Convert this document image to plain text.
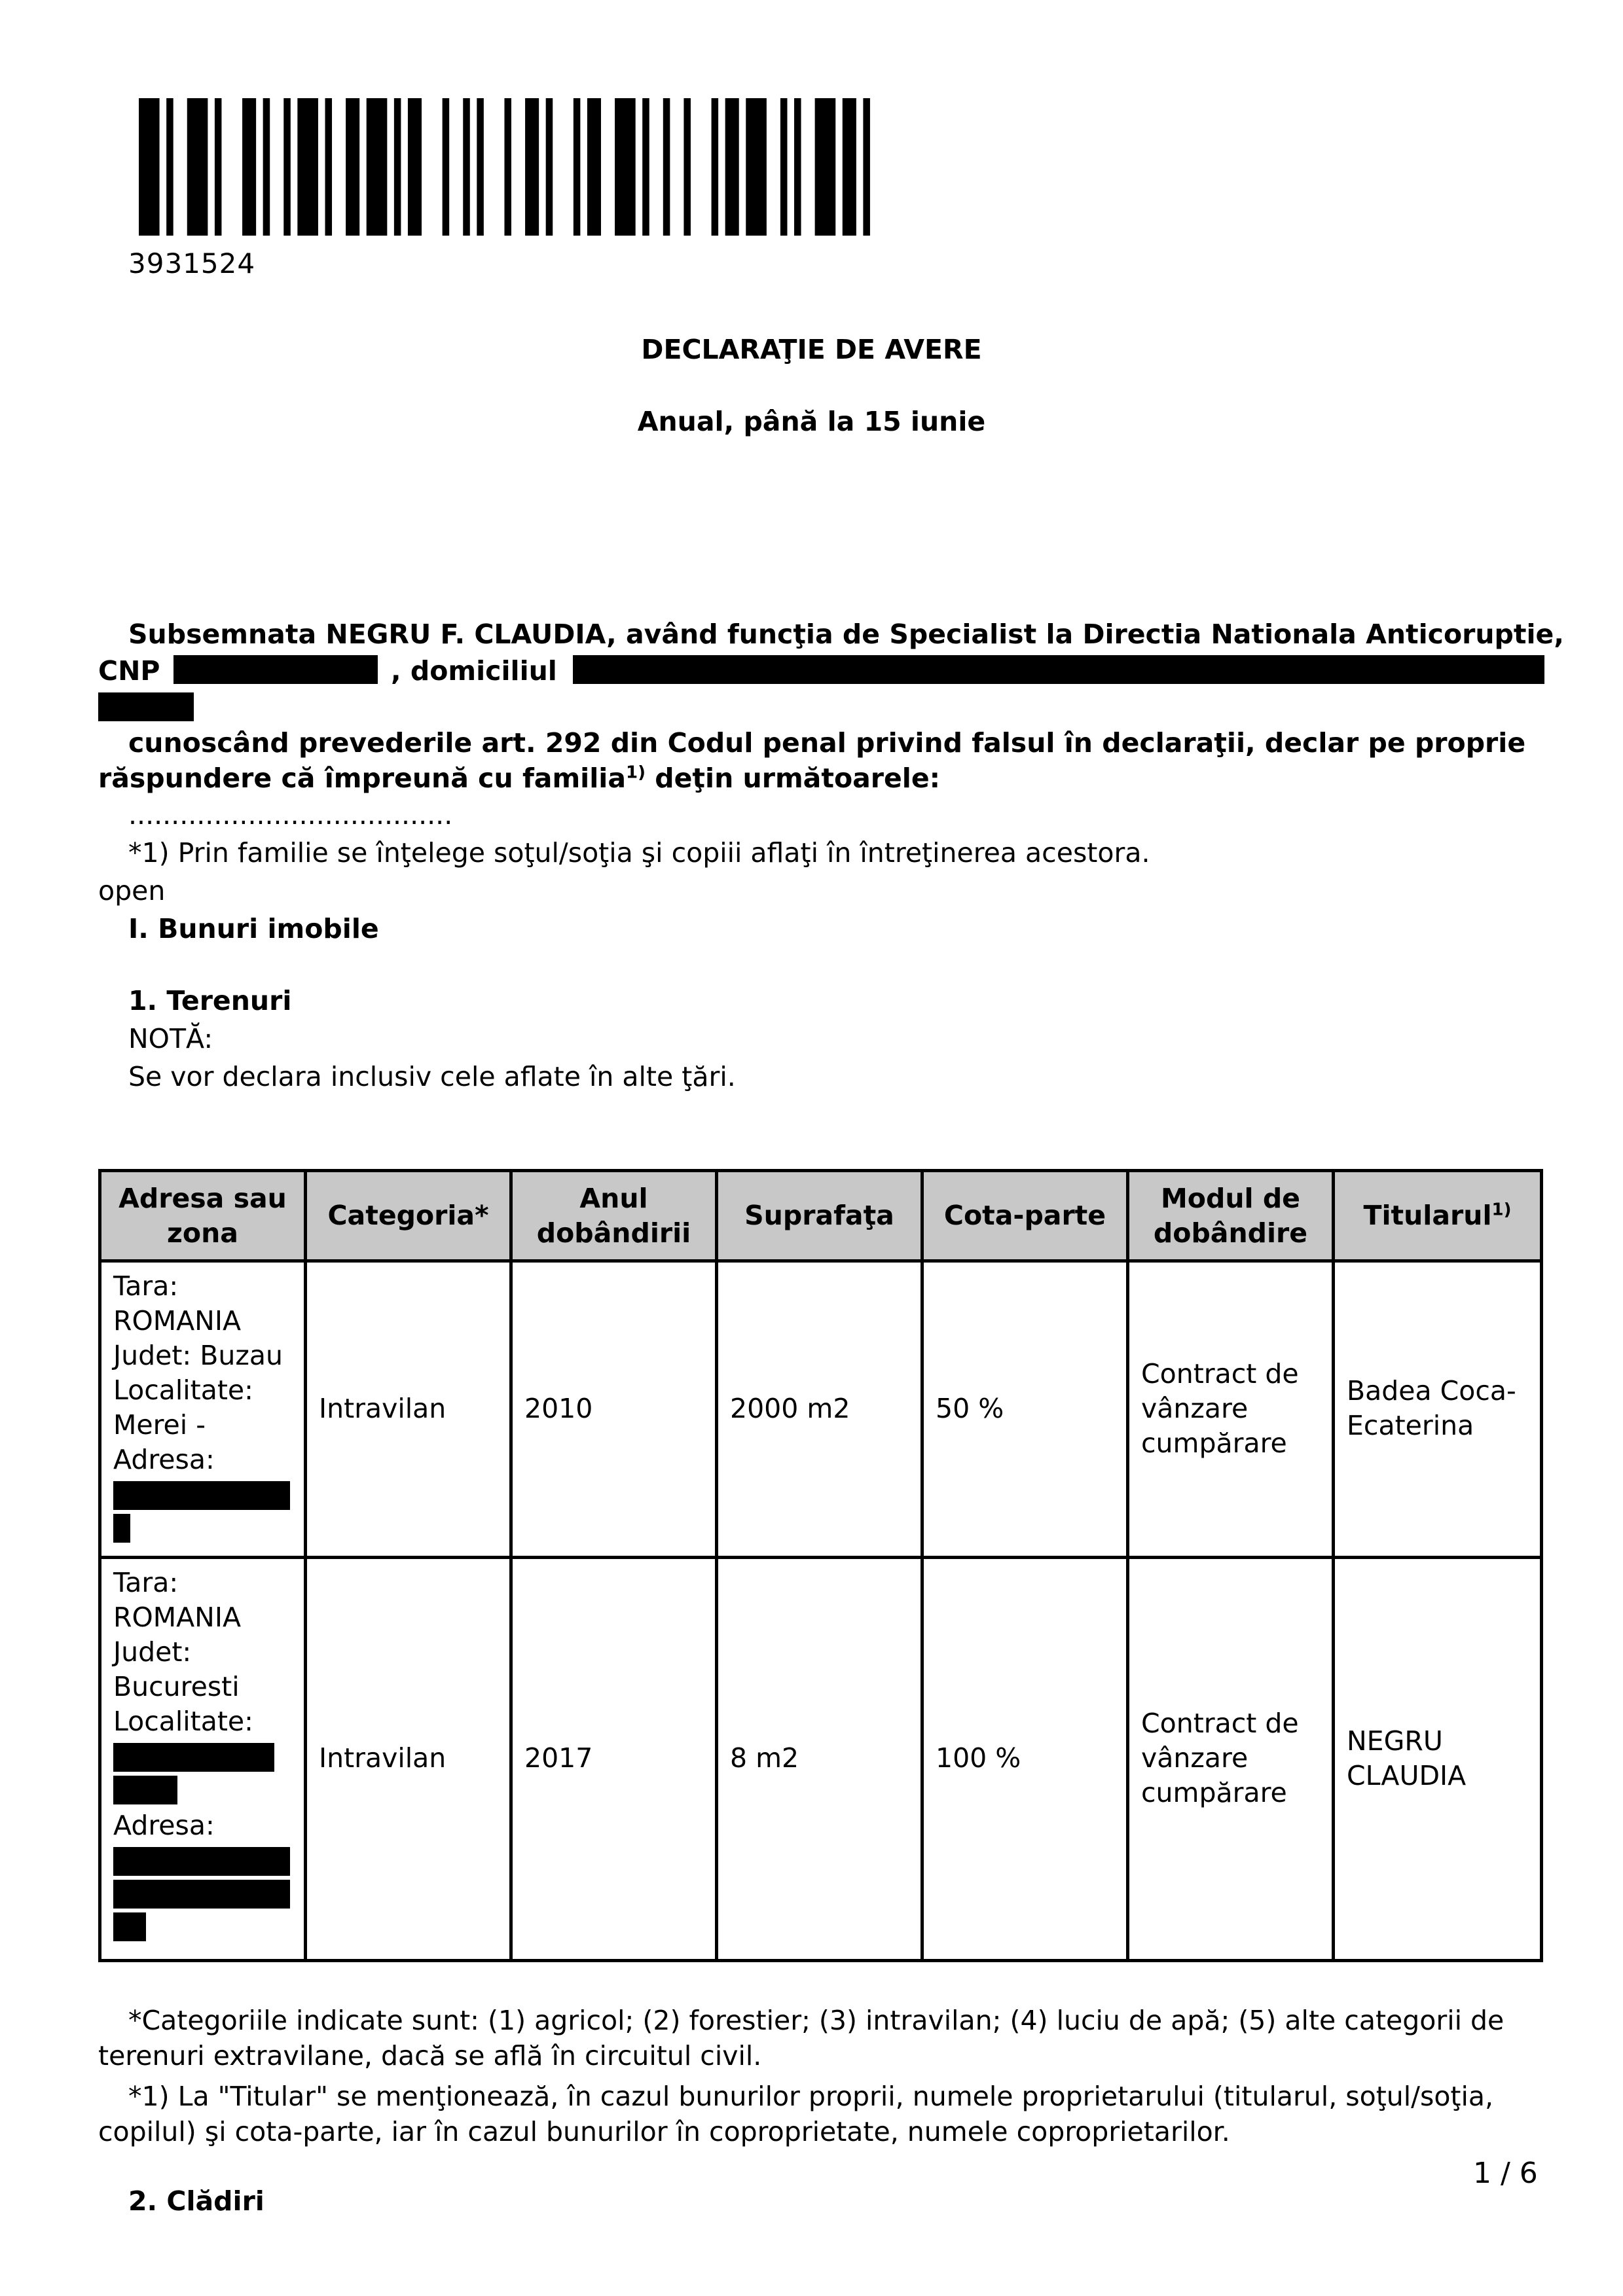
3931524
DECLARAŢIE DE AVERE
Anual, până la 15 iunie
Subsemnata NEGRU F. CLAUDIA, având funcţia de Specialist la Directia Nationala Anticoruptie,
CNP	, domiciliul
cunoscând prevederile art. 292 din Codul penal privind falsul în declaraţii, declar pe proprie
răspundere că împreună cu familia$^{1)}$ deţin următoarele:
......................................
*1) Prin familie se înţelege soţul/soţia şi copiii aflaţi în întreţinerea acestora.
open
I. Bunuri imobile
1. Terenuri
NOTĂ:
Se vor declara inclusiv cele aflate în alte ţări.
Adresa sau zona	Categoria*	Anul dobândirii	Suprafaţa	Cota-parte	Modul de dobândire	Titularul$^{1)}$

Tara: ROMANIA
Judet: Buzau
Localitate: Merei -
Adresa:	Intravilan	2010	2000 m2	50 %	Contract de vânzare cumpărare	Badea Coca-Ecaterina

Tara: ROMANIA
Judet: Bucuresti
Localitate:
Adresa:	Intravilan	2017	8 m2	100 %	Contract de vânzare cumpărare	NEGRU CLAUDIA
*Categoriile indicate sunt: (1) agricol; (2) forestier; (3) intravilan; (4) luciu de apă; (5) alte categorii de terenuri extravilane, dacă se află în circuitul civil.
*1) La "Titular" se menţionează, în cazul bunurilor proprii, numele proprietarului (titularul, soţul/soţia, copilul) şi cota-parte, iar în cazul bunurilor în coproprietate, numele coproprietarilor.
2. Clădiri
1 / 6
